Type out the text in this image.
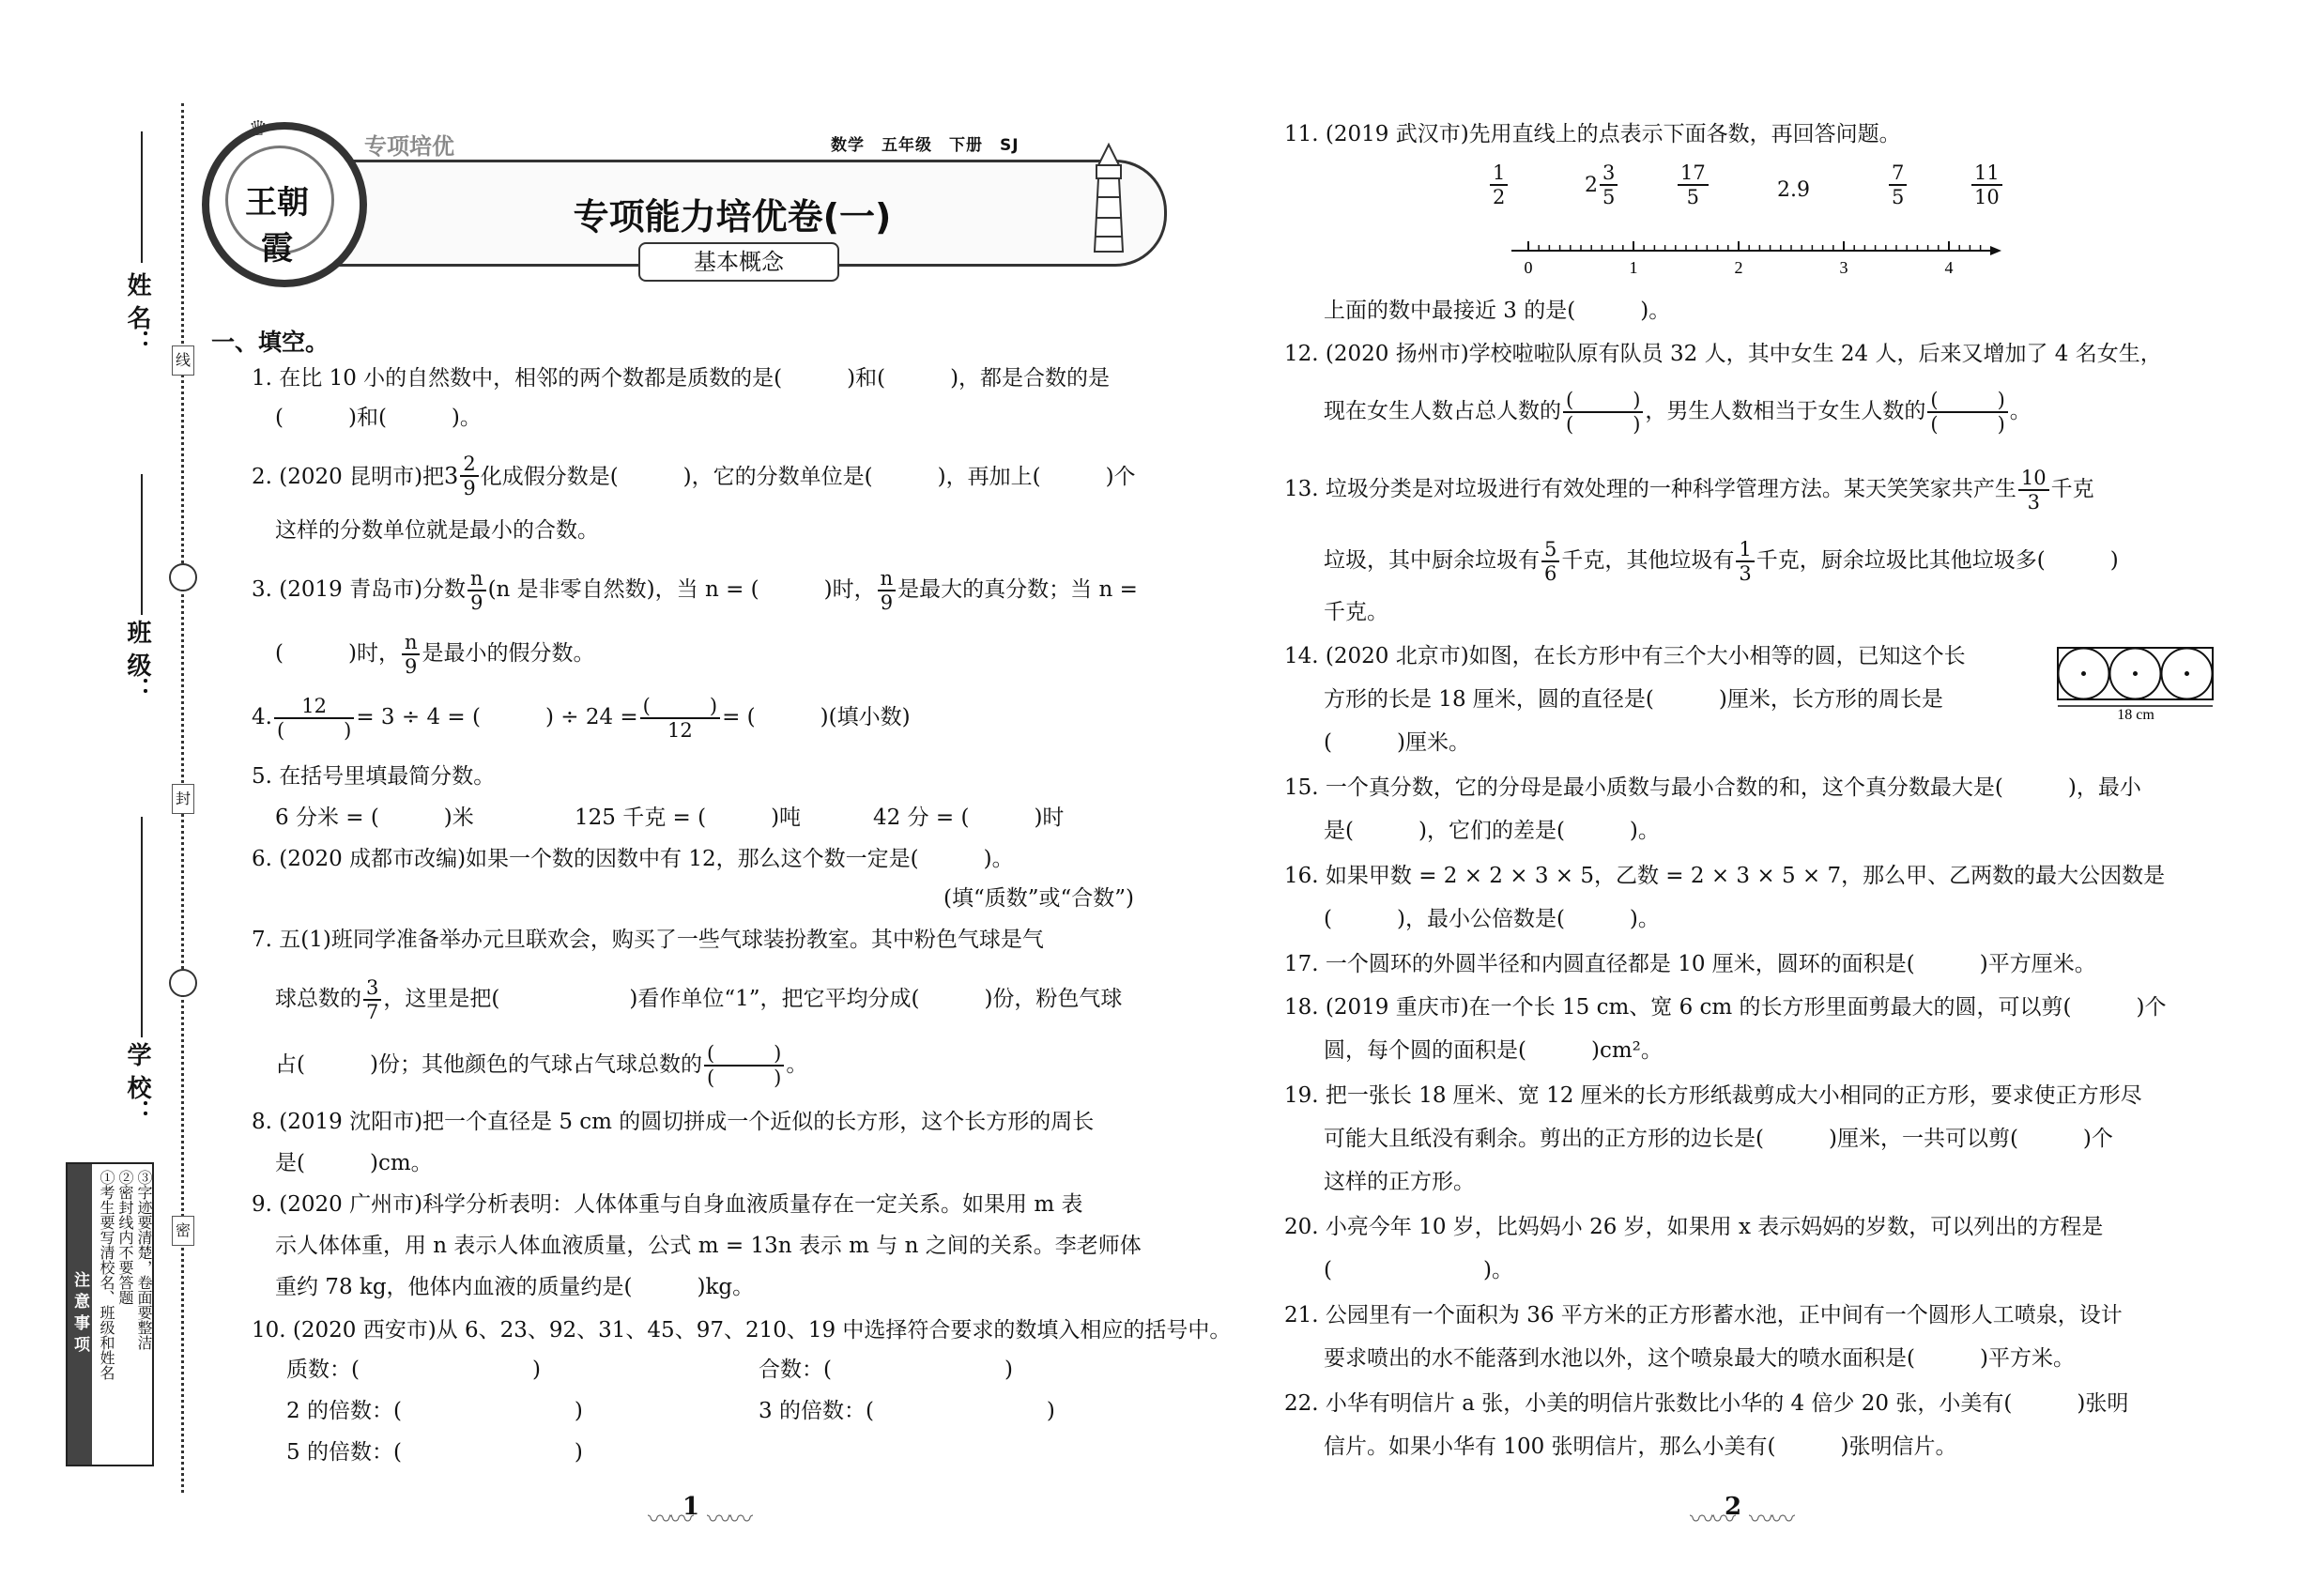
姓 名：
班 级：
学 校：
线
封
密
注意事项 ①考生要写清校名、班级和姓名 ②密封线内不要答题 ③字迹要清楚，卷面要整洁
♛
王朝霞
专项培优	数学　五年级　下册　SJ
专项能力培优卷(一)
基本概念
一、填空。
1. 在比 10 小的自然数中，相邻的两个数都是质数的是(　　　)和(　　　)，都是合数的是
(　　　)和(　　　)。
2. (2020 昆明市)把 $3 \frac{2}{9}$ 化成假分数是(　　　)，它的分数单位是(　　　)，再加上(　　　)个
这样的分数单位就是最小的合数。
3. (2019 青岛市)分数 $\frac{n}{9} (n$ 是非零自然数)，当 n = (　　　)时， $\frac{n}{9}$ 是最大的真分数；当 n =
(　　　)时， $\frac{n}{9}$ 是最小的假分数。
4. $\frac{12}{( )} = 3 \div 4$ = (　　　) ÷ $24 = \frac{( )}{12}$ = (　　　)(填小数)
5. 在括号里填最简分数。
6 分米 = (　　　)米	125 千克 = (　　　)吨	42 分 = (　　　)时
6. (2020 成都市改编)如果一个数的因数中有 12，那么这个数一定是(　　　)。
(填“质数”或“合数”)
7. 五(1)班同学准备举办元旦联欢会，购买了一些气球装扮教室。其中粉色气球是气
球总数的 $\frac{3}{7}$ ，这里是把(　　　　　　)看作单位“1”，把它平均分成(　　　)份，粉色气球
占(　　　)份；其他颜色的气球占气球总数的 $\frac{( )}{( )}$ 。
8. (2019 沈阳市)把一个直径是 5 cm 的圆切拼成一个近似的长方形，这个长方形的周长
是(　　　)cm。
9. (2020 广州市)科学分析表明：人体体重与自身血液质量存在一定关系。如果用 m 表
示人体体重，用 n 表示人体血液质量，公式 m = 13n 表示 m 与 n 之间的关系。李老师体
重约 78 kg，他体内血液的质量约是(　　　)kg。
10. (2020 西安市)从 6、23、92、31、45、97、210、19 中选择符合要求的数填入相应的括号中。
质数：(　　　　　　　　)	合数：(　　　　　　　　)
2 的倍数：(　　　　　　　　)	3 的倍数：(　　　　　　　　)
5 的倍数：(　　　　　　　　)
〰〰
1 〰〰
11. (2019 武汉市)先用直线上的点表示下面各数，再回答问题。
$\frac{1}{2}$	$2 \frac{3}{5}$	$\frac{17}{5}$	2.9	$\frac{7}{5}$	$\frac{11}{10}$
0	1	2	3	4
上面的数中最接近 3 的是(　　　)。
12. (2020 扬州市)学校啦啦队原有队员 32 人，其中女生 24 人，后来又增加了 4 名女生，
现在女生人数占总人数的 $\frac{( )}{( )}$ ，男生人数相当于女生人数的 $\frac{( )}{( )}$ 。
13. 垃圾分类是对垃圾进行有效处理的一种科学管理方法。某天笑笑家共产生 $\frac{10}{3}$ 千克
垃圾，其中厨余垃圾有 $\frac{5}{6}$ 千克，其他垃圾有 $\frac{1}{3}$ 千克，厨余垃圾比其他垃圾多(　　　)
千克。
14. (2020 北京市)如图，在长方形中有三个大小相等的圆，已知这个长
方形的长是 18 厘米，圆的直径是(　　　)厘米，长方形的周长是
(　　　)厘米。
18 cm
15. 一个真分数，它的分母是最小质数与最小合数的和，这个真分数最大是(　　　)，最小
是(　　　)，它们的差是(　　　)。
16. 如果甲数 = 2 × 2 × 3 × 5，乙数 = 2 × 3 × 5 × 7，那么甲、乙两数的最大公因数是
(　　　)，最小公倍数是(　　　)。
17. 一个圆环的外圆半径和内圆直径都是 10 厘米，圆环的面积是(　　　)平方厘米。
18. (2019 重庆市)在一个长 15 cm、宽 6 cm 的长方形里面剪最大的圆，可以剪(　　　)个
圆，每个圆的面积是(　　　)cm²。
19. 把一张长 18 厘米、宽 12 厘米的长方形纸裁剪成大小相同的正方形，要求使正方形尽
可能大且纸没有剩余。剪出的正方形的边长是(　　　)厘米，一共可以剪(　　　)个
这样的正方形。
20. 小亮今年 10 岁，比妈妈小 26 岁，如果用 x 表示妈妈的岁数，可以列出的方程是
(　　　　　　　)。
21. 公园里有一个面积为 36 平方米的正方形蓄水池，正中间有一个圆形人工喷泉，设计
要求喷出的水不能落到水池以外，这个喷泉最大的喷水面积是(　　　)平方米。
22. 小华有明信片 a 张，小美的明信片张数比小华的 4 倍少 20 张，小美有(　　　)张明
信片。如果小华有 100 张明信片，那么小美有(　　　)张明信片。
〰〰
2 〰〰
